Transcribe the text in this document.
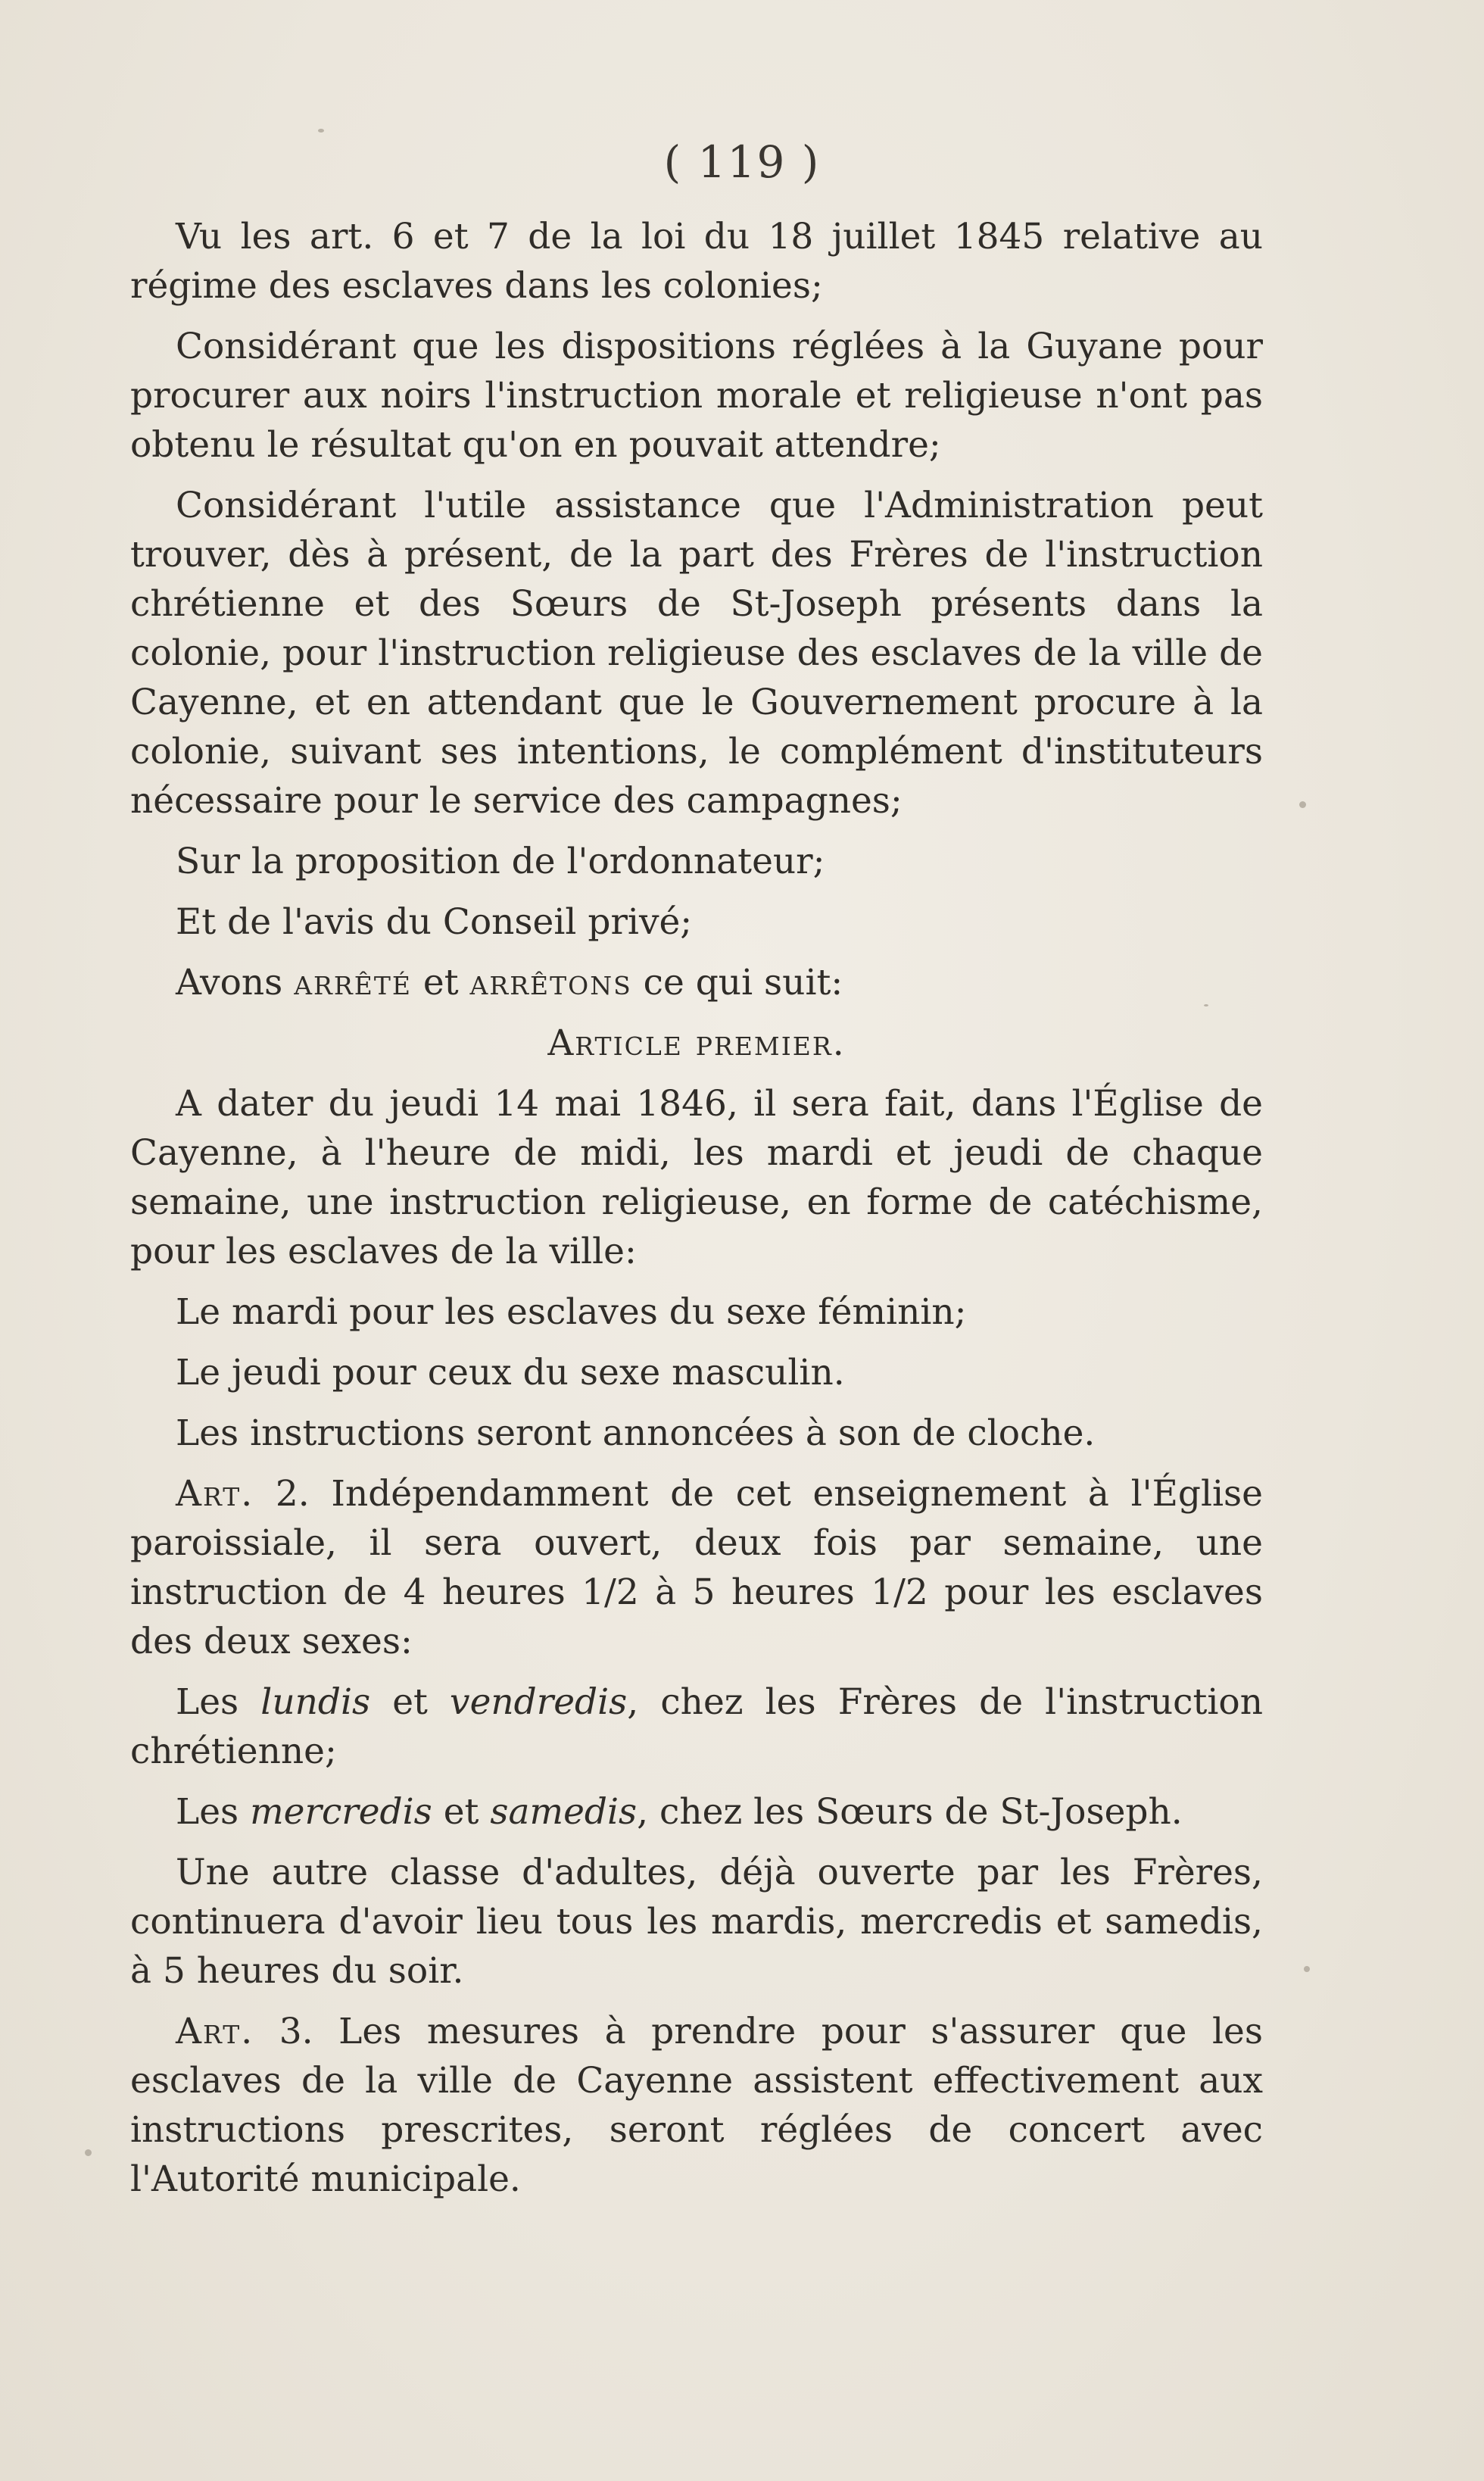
( 119 )

Vu les art. 6 et 7 de la loi du 18 juillet 1845 relative au régime des esclaves dans les colonies;

Considérant que les dispositions réglées à la Guyane pour procurer aux noirs l'instruction morale et religieuse n'ont pas obtenu le résultat qu'on en pouvait attendre;

Considérant l'utile assistance que l'Administration peut trouver, dès à présent, de la part des Frères de l'instruction chrétienne et des Sœurs de St-Joseph présents dans la colonie, pour l'instruction religieuse des esclaves de la ville de Cayenne, et en attendant que le Gouvernement procure à la colonie, suivant ses intentions, le complément d'instituteurs nécessaire pour le service des campagnes;

Sur la proposition de l'ordonnateur;

Et de l'avis du Conseil privé;

Avons arrêté et arrêtons ce qui suit:

Article premier.

A dater du jeudi 14 mai 1846, il sera fait, dans l'Église de Cayenne, à l'heure de midi, les mardi et jeudi de chaque semaine, une instruction religieuse, en forme de catéchisme, pour les esclaves de la ville:

Le mardi pour les esclaves du sexe féminin;

Le jeudi pour ceux du sexe masculin.

Les instructions seront annoncées à son de cloche.

Art. 2. Indépendamment de cet enseignement à l'Église paroissiale, il sera ouvert, deux fois par semaine, une instruction de 4 heures 1/2 à 5 heures 1/2 pour les esclaves des deux sexes:

Les lundis et vendredis, chez les Frères de l'instruction chrétienne;

Les mercredis et samedis, chez les Sœurs de St-Joseph.

Une autre classe d'adultes, déjà ouverte par les Frères, continuera d'avoir lieu tous les mardis, mercredis et samedis, à 5 heures du soir.

Art. 3. Les mesures à prendre pour s'assurer que les esclaves de la ville de Cayenne assistent effectivement aux instructions prescrites, seront réglées de concert avec l'Autorité municipale.
